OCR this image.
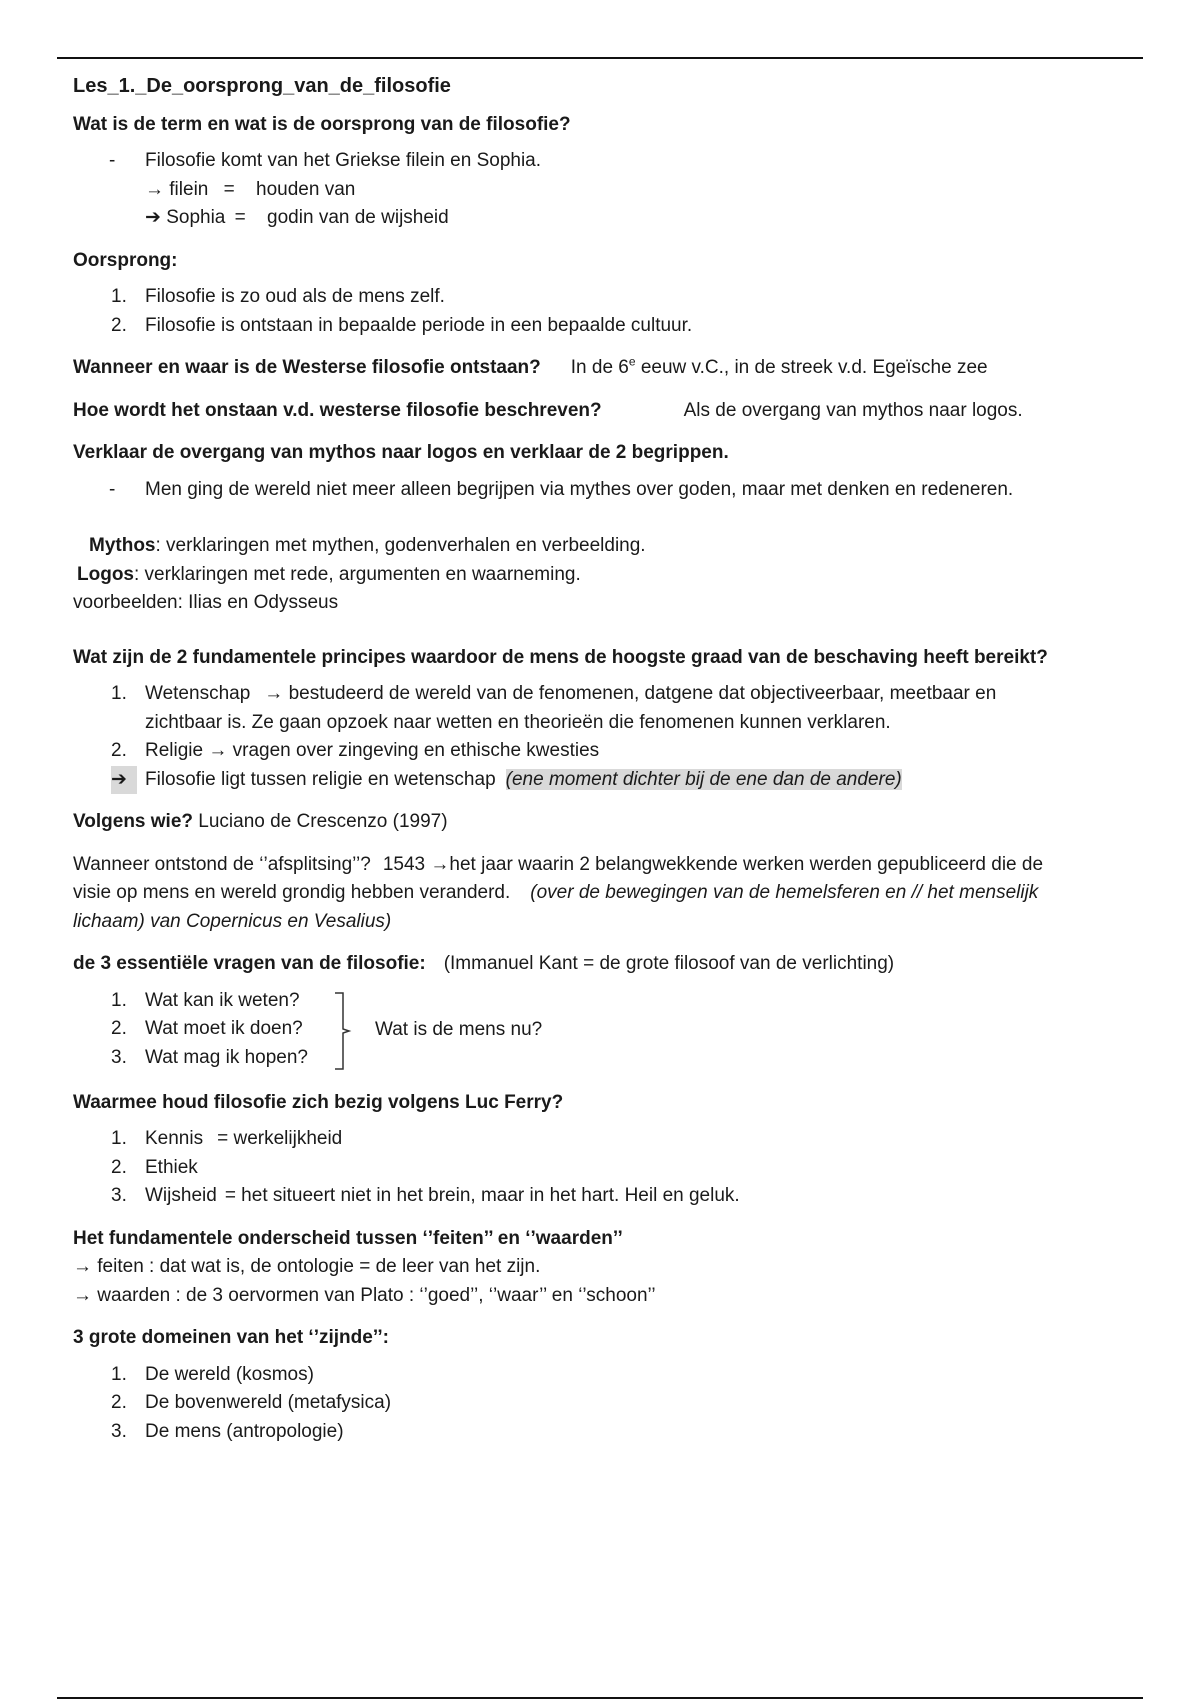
Les_1._De_oorsprong_van_de_filosofie

Wat is de term en wat is de oorsprong van de filosofie?

- Filosofie komt van het Griekse filein en Sophia.

→ filein = houden van

➔ Sophia = godin van de wijsheid

Oorsprong:

1. Filosofie is zo oud als de mens zelf.
2. Filosofie is ontstaan in bepaalde periode in een bepaalde cultuur.

Wanneer en waar is de Westerse filosofie ontstaan? In de 6e eeuw v.C., in de streek v.d. Egeïsche zee

Hoe wordt het onstaan v.d. westerse filosofie beschreven?	Als de overgang van mythos naar logos.

Verklaar de overgang van mythos naar logos en verklaar de 2 begrippen.

- Men ging de wereld niet meer alleen begrijpen via mythes over goden, maar met denken en redeneren.

Mythos: verklaringen met mythen, godenverhalen en verbeelding.

Logos: verklaringen met rede, argumenten en waarneming.

voorbeelden: Ilias en Odysseus

Wat zijn de 2 fundamentele principes waardoor de mens de hoogste graad van de beschaving heeft bereikt?

1. Wetenschap → bestudeerd de wereld van de fenomenen, datgene dat objectiveerbaar, meetbaar en
zichtbaar is. Ze gaan opzoek naar wetten en theorieën die fenomenen kunnen verklaren.
2. Religie → vragen over zingeving en ethische kwesties
➔ Filosofie ligt tussen religie en wetenschap (ene moment dichter bij de ene dan de andere)

Volgens wie? Luciano de Crescenzo (1997)

Wanneer ontstond de ‘’afsplitsing’’? 1543 →het jaar waarin 2 belangwekkende werken werden gepubliceerd die de
visie op mens en wereld grondig hebben veranderd. (over de bewegingen van de hemelsferen en // het menselijk
lichaam) van Copernicus en Vesalius)

de 3 essentiële vragen van de filosofie: (Immanuel Kant = de grote filosoof van de verlichting)

1. Wat kan ik weten?
2. Wat moet ik doen?
3. Wat mag ik hopen?
Wat is de mens nu?

Waarmee houd filosofie zich bezig volgens Luc Ferry?

1. Kennis = werkelijkheid
2. Ethiek
3. Wijsheid = het situeert niet in het brein, maar in het hart. Heil en geluk.

Het fundamentele onderscheid tussen ‘’feiten’’ en ‘’waarden’’

→ feiten : dat wat is, de ontologie = de leer van het zijn.

→ waarden : de 3 oervormen van Plato : ‘’goed’’, ‘’waar’’ en ‘’schoon’’

3 grote domeinen van het ‘’zijnde’’:

1. De wereld (kosmos)
2. De bovenwereld (metafysica)
3. De mens (antropologie)
